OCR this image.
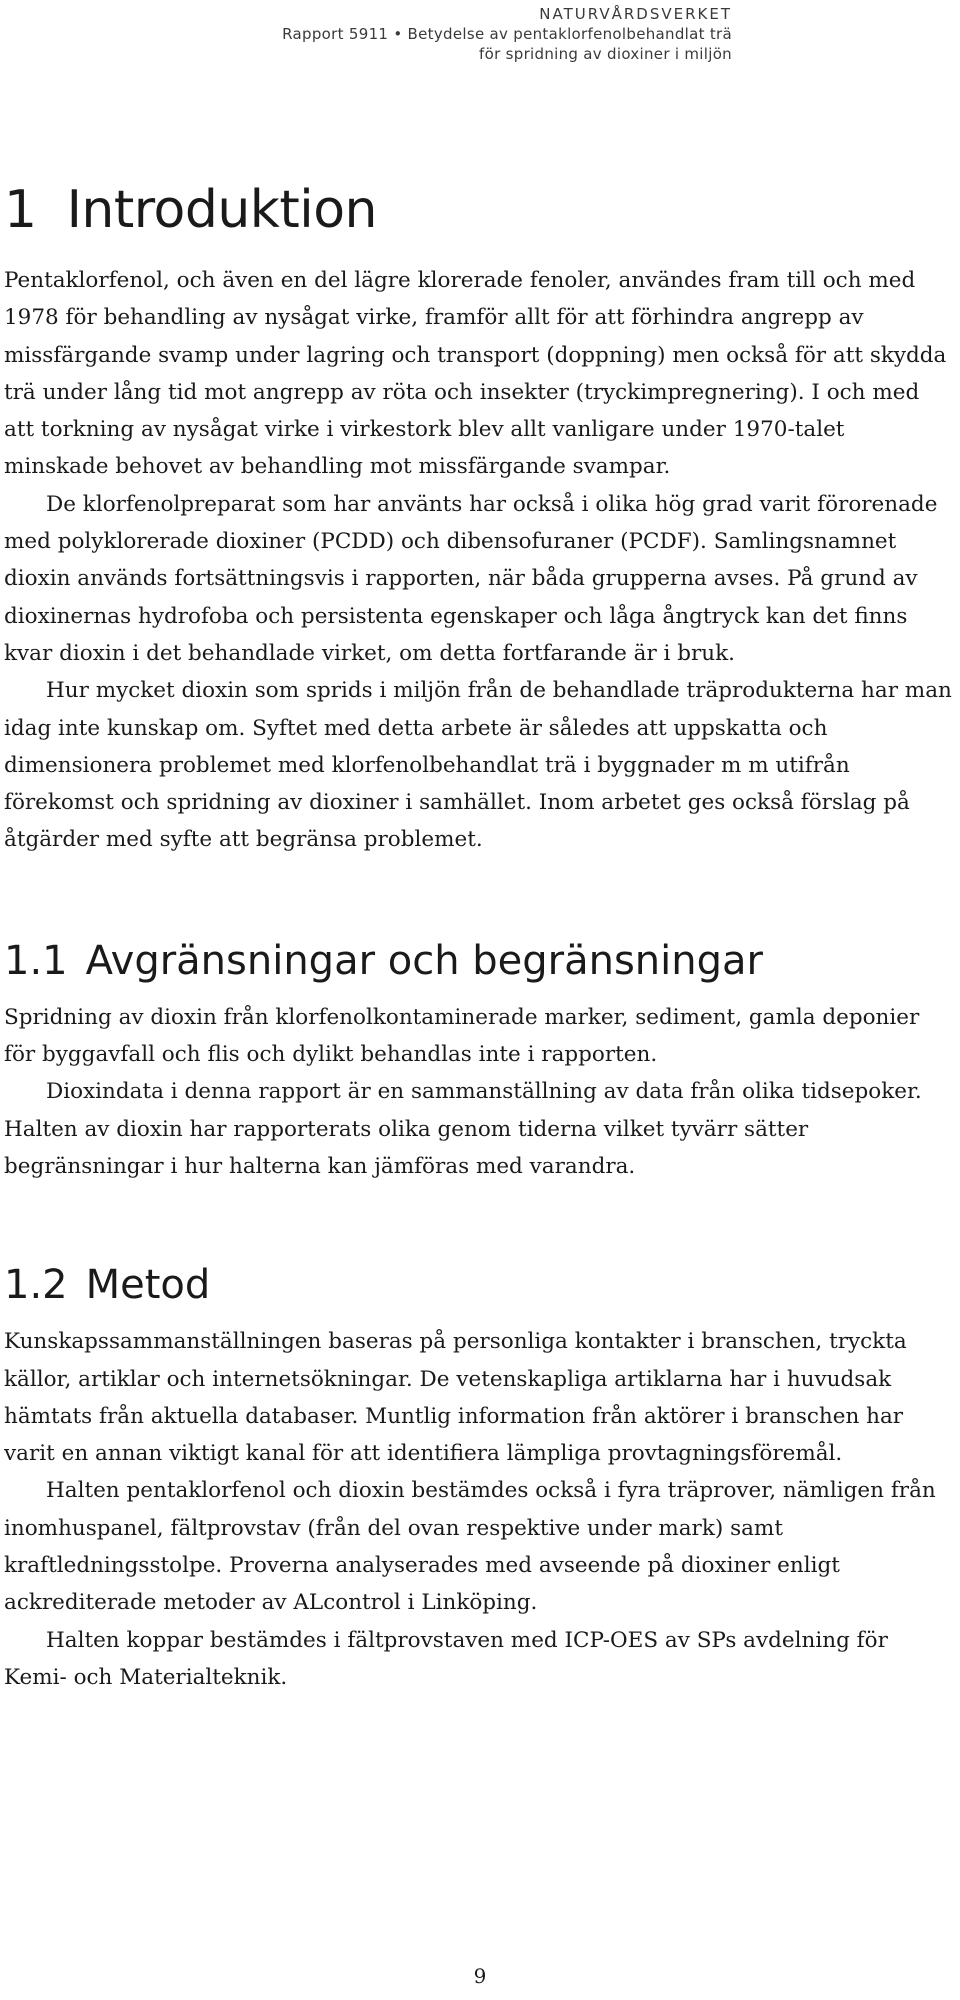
NATURVÅRDSVERKET
Rapport 5911 • Betydelse av pentaklorfenolbehandlat trä
för spridning av dioxiner i miljön
1 Introduktion

Pentaklorfenol, och även en del lägre klorerade fenoler, användes fram till och med 1978 för behandling av nysågat virke, framför allt för att förhindra angrepp av missfärgande svamp under lagring och transport (doppning) men också för att skydda trä under lång tid mot angrepp av röta och insekter (tryckimpregnering). I och med att torkning av nysågat virke i virkestork blev allt vanligare under 1970-talet minskade behovet av behandling mot missfärgande svampar.

De klorfenolpreparat som har använts har också i olika hög grad varit förorenade med polyklorerade dioxiner (PCDD) och dibensofuraner (PCDF). Samlingsnamnet dioxin används fortsättningsvis i rapporten, när båda grupperna avses. På grund av dioxinernas hydrofoba och persistenta egenskaper och låga ångtryck kan det finns kvar dioxin i det behandlade virket, om detta fortfarande är i bruk.

Hur mycket dioxin som sprids i miljön från de behandlade träprodukterna har man idag inte kunskap om. Syftet med detta arbete är således att uppskatta och dimensionera problemet med klorfenolbehandlat trä i byggnader m m utifrån förekomst och spridning av dioxiner i samhället. Inom arbetet ges också förslag på åtgärder med syfte att begränsa problemet.

1.1 Avgränsningar och begränsningar

Spridning av dioxin från klorfenolkontaminerade marker, sediment, gamla deponier för byggavfall och flis och dylikt behandlas inte i rapporten.

Dioxindata i denna rapport är en sammanställning av data från olika tidsepoker. Halten av dioxin har rapporterats olika genom tiderna vilket tyvärr sätter begränsningar i hur halterna kan jämföras med varandra.

1.2 Metod

Kunskapssammanställningen baseras på personliga kontakter i branschen, tryckta källor, artiklar och internetsökningar. De vetenskapliga artiklarna har i huvudsak hämtats från aktuella databaser. Muntlig information från aktörer i branschen har varit en annan viktigt kanal för att identifiera lämpliga provtagningsföremål.

Halten pentaklorfenol och dioxin bestämdes också i fyra träprover, nämligen från inomhuspanel, fältprovstav (från del ovan respektive under mark) samt kraftledningsstolpe. Proverna analyserades med avseende på dioxiner enligt ackrediterade metoder av ALcontrol i Linköping.

Halten koppar bestämdes i fältprovstaven med ICP-OES av SPs avdelning för Kemi- och Materialteknik.

9
